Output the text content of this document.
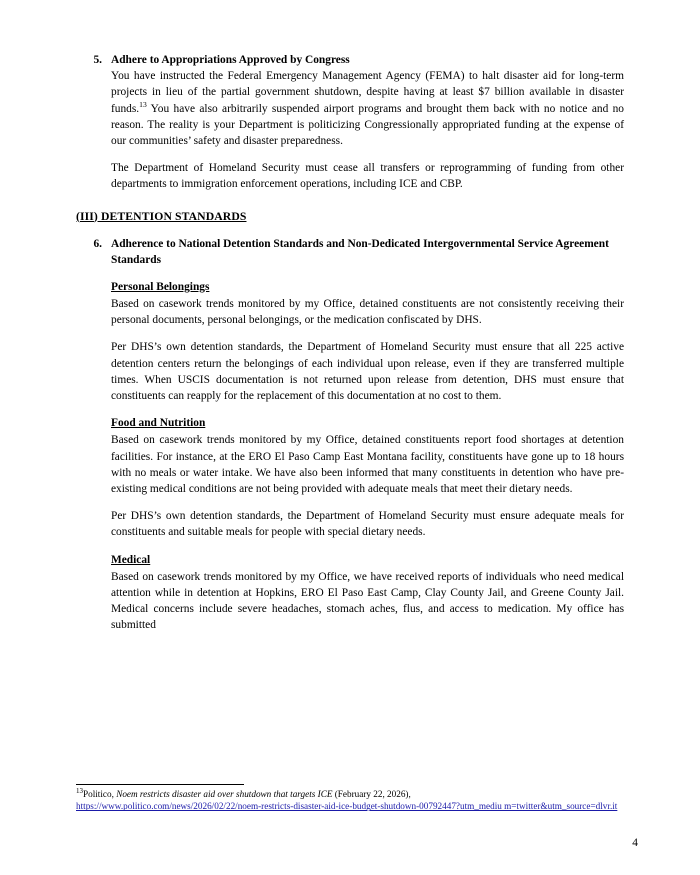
5. Adhere to Appropriations Approved by Congress

You have instructed the Federal Emergency Management Agency (FEMA) to halt disaster aid for long-term projects in lieu of the partial government shutdown, despite having at least $7 billion available in disaster funds.$^{13}$ You have also arbitrarily suspended airport programs and brought them back with no notice and no reason. The reality is your Department is politicizing Congressionally appropriated funding at the expense of our communities’ safety and disaster preparedness.

The Department of Homeland Security must cease all transfers or reprogramming of funding from other departments to immigration enforcement operations, including ICE and CBP.

(III) DETENTION STANDARDS
6. Adherence to National Detention Standards and Non-Dedicated Intergovernmental Service Agreement Standards
Personal Belongings

Based on casework trends monitored by my Office, detained constituents are not consistently receiving their personal documents, personal belongings, or the medication confiscated by DHS.

Per DHS’s own detention standards, the Department of Homeland Security must ensure that all 225 active detention centers return the belongings of each individual upon release, even if they are transferred multiple times. When USCIS documentation is not returned upon release from detention, DHS must ensure that constituents can reapply for the replacement of this documentation at no cost to them.

Food and Nutrition

Based on casework trends monitored by my Office, detained constituents report food shortages at detention facilities. For instance, at the ERO El Paso Camp East Montana facility, constituents have gone up to 18 hours with no meals or water intake. We have also been informed that many constituents in detention who have pre-existing medical conditions are not being provided with adequate meals that meet their dietary needs.

Per DHS’s own detention standards, the Department of Homeland Security must ensure adequate meals for constituents and suitable meals for people with special dietary needs.

Medical

Based on casework trends monitored by my Office, we have received reports of individuals who need medical attention while in detention at Hopkins, ERO El Paso East Camp, Clay County Jail, and Greene County Jail. Medical concerns include severe headaches, stomach aches, flus, and access to medication. My office has submitted

$^{13}$Politico, Noem restricts disaster aid over shutdown that targets ICE (February 22, 2026),
https://www.politico.com/news/2026/02/22/noem-restricts-disaster-aid-ice-budget-shutdown-00792447?utm_mediu m=twitter&utm_source=dlvr.it
4
